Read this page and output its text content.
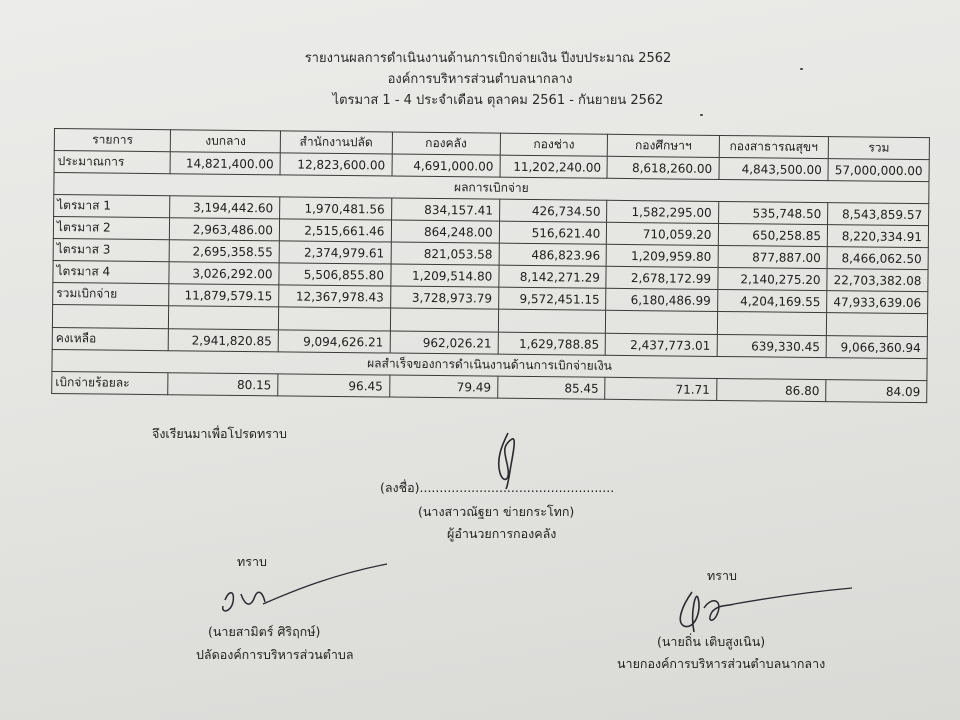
รายงานผลการดำเนินงานด้านการเบิกจ่ายเงิน ปีงบประมาณ 2562
องค์การบริหารส่วนตำบลนากลาง
ไตรมาส 1 - 4 ประจำเดือน ตุลาคม 2561 - กันยายน 2562
รายการ	งบกลาง	สำนักงานปลัด	กองคลัง	กองช่าง	กองศึกษาฯ	กองสาธารณสุขฯ	รวม
ประมาณการ	14,821,400.00	12,823,600.00	4,691,000.00	11,202,240.00	8,618,260.00	4,843,500.00	57,000,000.00
ผลการเบิกจ่าย							
ไตรมาส 1	3,194,442.60	1,970,481.56	834,157.41	426,734.50	1,582,295.00	535,748.50	8,543,859.57
ไตรมาส 2	2,963,486.00	2,515,661.46	864,248.00	516,621.40	710,059.20	650,258.85	8,220,334.91
ไตรมาส 3	2,695,358.55	2,374,979.61	821,053.58	486,823.96	1,209,959.80	877,887.00	8,466,062.50
ไตรมาส 4	3,026,292.00	5,506,855.80	1,209,514.80	8,142,271.29	2,678,172.99	2,140,275.20	22,703,382.08
รวมเบิกจ่าย	11,879,579.15	12,367,978.43	3,728,973.79	9,572,451.15	6,180,486.99	4,204,169.55	47,933,639.06

คงเหลือ	2,941,820.85	9,094,626.21	962,026.21	1,629,788.85	2,437,773.01	639,330.45	9,066,360.94
ผลสำเร็จของการดำเนินงานด้านการเบิกจ่ายเงิน							
เบิกจ่ายร้อยละ	80.15	96.45	79.49	85.45	71.71	86.80	84.09
จึงเรียนมาเพื่อโปรดทราบ
(ลงชื่อ).................................................
(นางสาวณัฐยา ข่ายกระโทก)
ผู้อำนวยการกองคลัง
ทราบ
(นายสามิตร์ ศิริฤกษ์)
ปลัดองค์การบริหารส่วนตำบล
ทราบ
(นายถิ่น เติบสูงเนิน)
นายกองค์การบริหารส่วนตำบลนากลาง
